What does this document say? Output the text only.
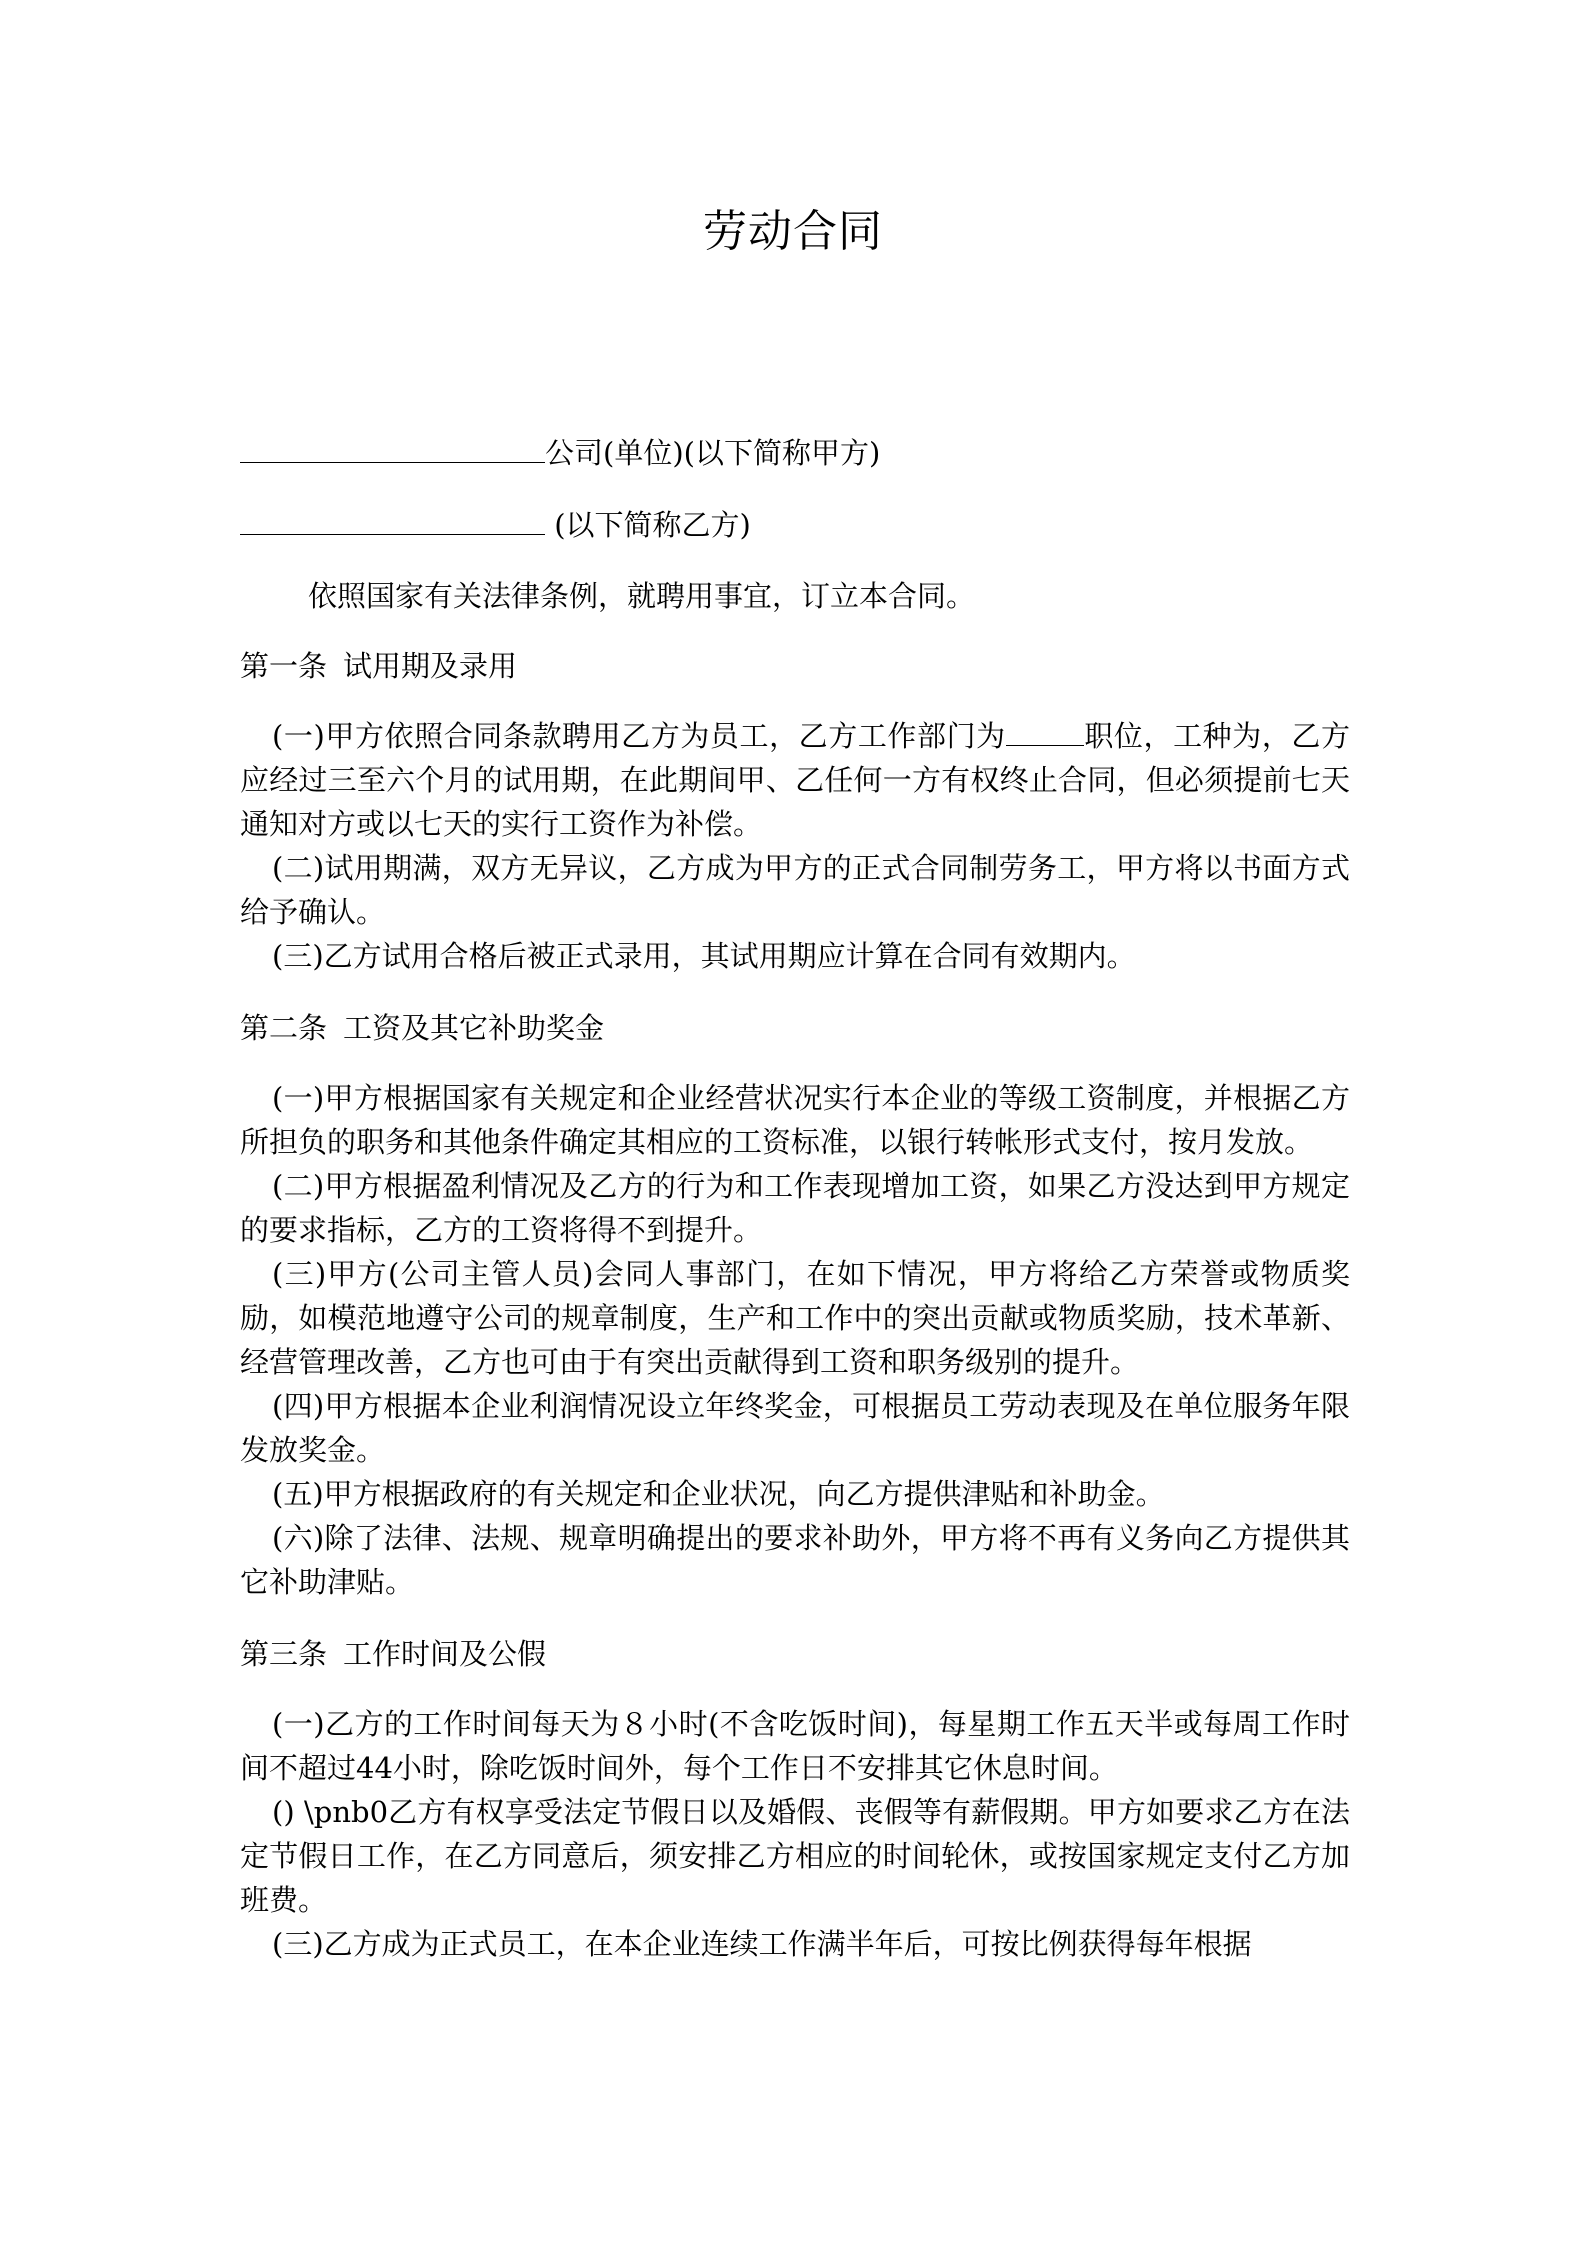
劳动合同
公司(单位)(以下简称甲方)
(以下简称乙方)

依照国家有关法律条例，就聘用事宜，订立本合同。

第一条 试用期及录用

(一)甲方依照合同条款聘用乙方为员工，乙方工作部门为	职位，工种为，乙方应经过三至六个月的试用期，在此期间甲、乙任何一方有权终止合同，但必须提前七天通知对方或以七天的实行工资作为补偿。

(二)试用期满，双方无异议，乙方成为甲方的正式合同制劳务工，甲方将以书面方式给予确认。

(三)乙方试用合格后被正式录用，其试用期应计算在合同有效期内。

第二条 工资及其它补助奖金

(一)甲方根据国家有关规定和企业经营状况实行本企业的等级工资制度，并根据乙方所担负的职务和其他条件确定其相应的工资标准，以银行转帐形式支付，按月发放。

(二)甲方根据盈利情况及乙方的行为和工作表现增加工资，如果乙方没达到甲方规定的要求指标，乙方的工资将得不到提升。

(三)甲方(公司主管人员)会同人事部门，在如下情况，甲方将给乙方荣誉或物质奖励，如模范地遵守公司的规章制度，生产和工作中的突出贡献或物质奖励，技术革新、经营管理改善，乙方也可由于有突出贡献得到工资和职务级别的提升。

(四)甲方根据本企业利润情况设立年终奖金，可根据员工劳动表现及在单位服务年限发放奖金。

(五)甲方根据政府的有关规定和企业状况，向乙方提供津贴和补助金。

(六)除了法律、法规、规章明确提出的要求补助外，甲方将不再有义务向乙方提供其它补助津贴。

第三条 工作时间及公假

(一)乙方的工作时间每天为８小时(不含吃饭时间)，每星期工作五天半或每周工作时间不超过44小时，除吃饭时间外，每个工作日不安排其它休息时间。

() \pnb0乙方有权享受法定节假日以及婚假、丧假等有薪假期。甲方如要求乙方在法定节假日工作，在乙方同意后，须安排乙方相应的时间轮休，或按国家规定支付乙方加班费。

(三)乙方成为正式员工，在本企业连续工作满半年后，可按比例获得每年根据
